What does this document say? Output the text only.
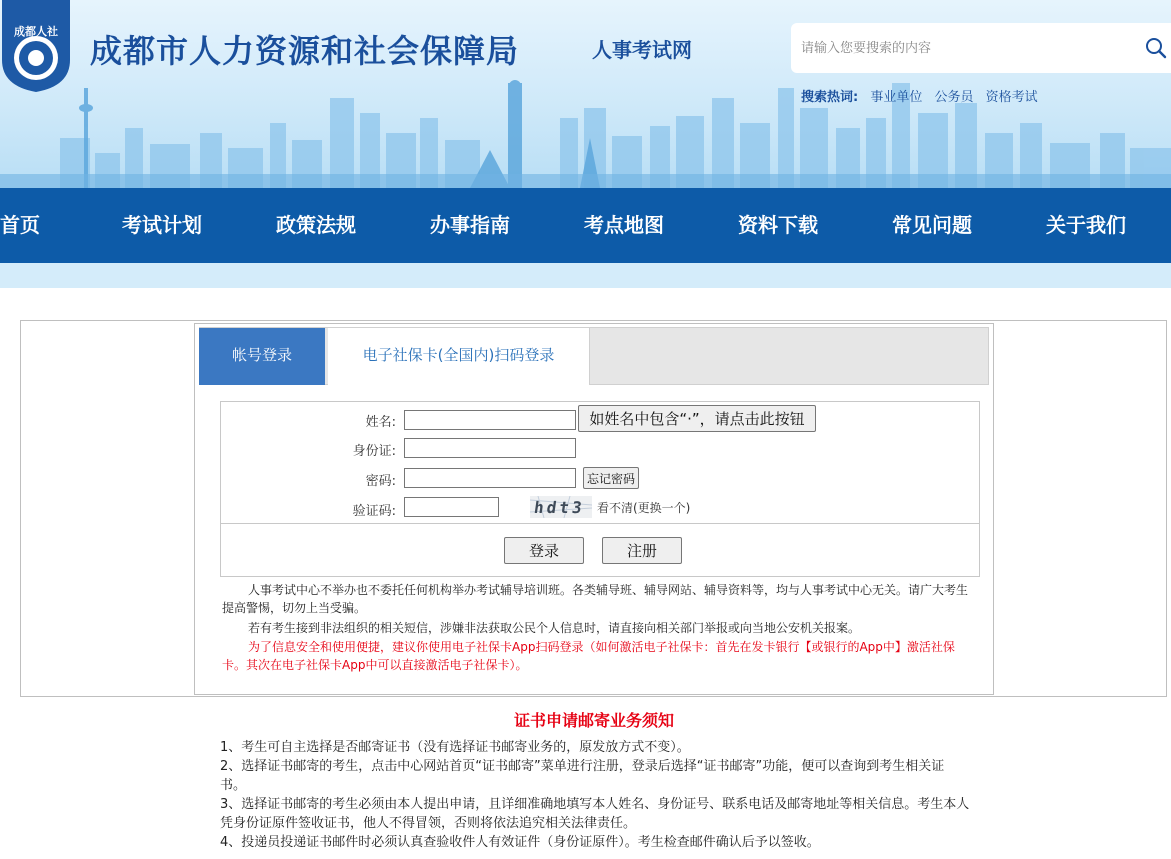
成都人社
成都市人力资源和社会保障局	人事考试网
请输入您要搜索的内容
搜索热词: 事业单位 公务员 资格考试
首页	考试计划	政策法规	办事指南	考点地图	资料下载	常见问题	关于我们
帐号登录	电子社保卡(全国内)扫码登录
姓名:	如姓名中包含“·”，请点击此按钮
身份证:
密码:	忘记密码
验证码:	hdt3 看不清(更换一个)
登录	注册
人事考试中心不举办也不委托任何机构举办考试辅导培训班。各类辅导班、辅导网站、辅导资料等，均与人事考试中心无关。请广大考生提高警惕，切勿上当受骗。
若有考生接到非法组织的相关短信，涉嫌非法获取公民个人信息时，请直接向相关部门举报或向当地公安机关报案。
为了信息安全和使用便捷，建议你使用电子社保卡App扫码登录（如何激活电子社保卡：首先在发卡银行【或银行的App中】激活社保卡。其次在电子社保卡App中可以直接激活电子社保卡）。
证书申请邮寄业务须知
1、考生可自主选择是否邮寄证书（没有选择证书邮寄业务的，原发放方式不变）。
2、选择证书邮寄的考生，点击中心网站首页“证书邮寄”菜单进行注册，登录后选择“证书邮寄”功能，便可以查询到考生相关证书。
3、选择证书邮寄的考生必须由本人提出申请，且详细准确地填写本人姓名、身份证号、联系电话及邮寄地址等相关信息。考生本人凭身份证原件签收证书，他人不得冒领，否则将依法追究相关法律责任。
4、投递员投递证书邮件时必须认真查验收件人有效证件（身份证原件）。考生检查邮件确认后予以签收。
